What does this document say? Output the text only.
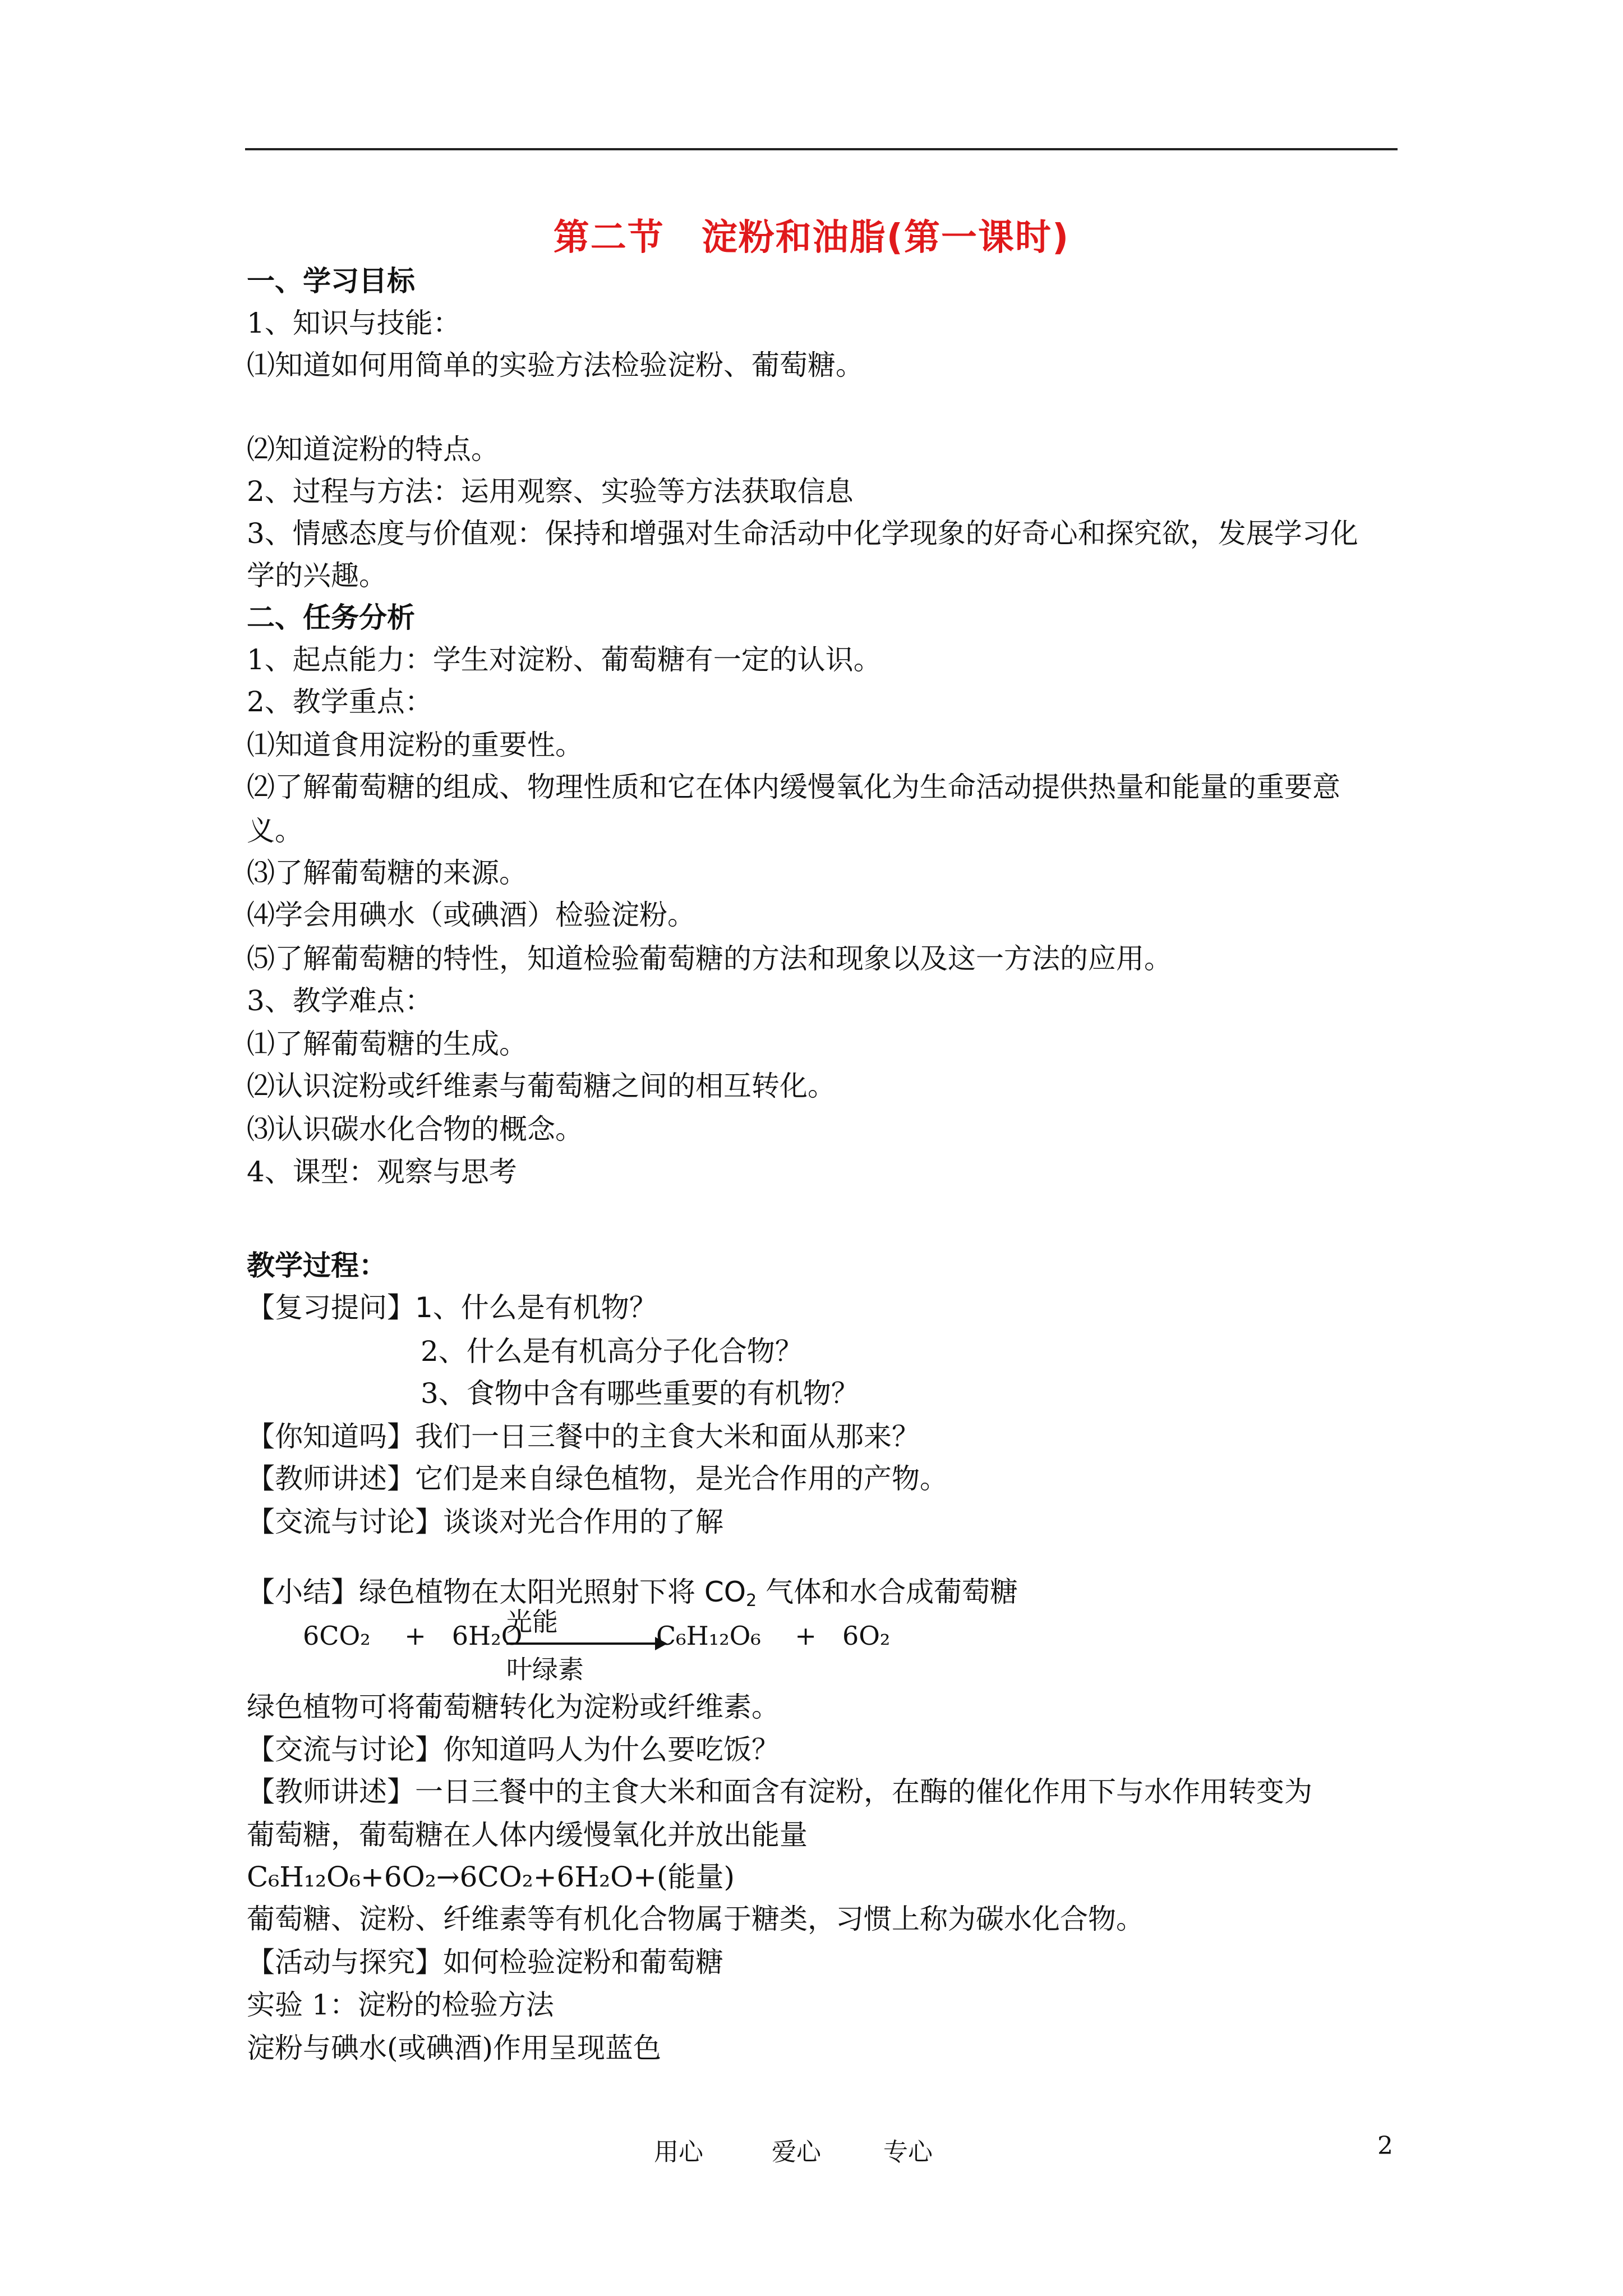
第二节　淀粉和油脂(第一课时)
一、学习目标
1、知识与技能：
⑴知道如何用简单的实验方法检验淀粉、葡萄糖。
⑵知道淀粉的特点。
2、过程与方法：运用观察、实验等方法获取信息
3、情感态度与价值观：保持和增强对生命活动中化学现象的好奇心和探究欲，发展学习化
学的兴趣。
二、任务分析
1、起点能力：学生对淀粉、葡萄糖有一定的认识。
2、教学重点：
⑴知道食用淀粉的重要性。
⑵了解葡萄糖的组成、物理性质和它在体内缓慢氧化为生命活动提供热量和能量的重要意
义。
⑶了解葡萄糖的来源。
⑷学会用碘水（或碘酒）检验淀粉。
⑸了解葡萄糖的特性，知道检验葡萄糖的方法和现象以及这一方法的应用。
3、教学难点：
⑴了解葡萄糖的生成。
⑵认识淀粉或纤维素与葡萄糖之间的相互转化。
⑶认识碳水化合物的概念。
4、课型：观察与思考
教学过程：
【复习提问】1、什么是有机物？
2、什么是有机高分子化合物？
3、食物中含有哪些重要的有机物？
【你知道吗】我们一日三餐中的主食大米和面从那来？
【教师讲述】它们是来自绿色植物，是光合作用的产物。
【交流与讨论】谈谈对光合作用的了解
【小结】绿色植物在太阳光照射下将 $CO_2$ 气体和水合成葡萄糖
6CO₂　 +　6H₂O
光能
叶绿素
C₆H₁₂O₆　 +　6O₂
绿色植物可将葡萄糖转化为淀粉或纤维素。
【交流与讨论】你知道吗人为什么要吃饭？
【教师讲述】一日三餐中的主食大米和面含有淀粉，在酶的催化作用下与水作用转变为
葡萄糖，葡萄糖在人体内缓慢氧化并放出能量
C₆H₁₂O₆+6O₂→6CO₂+6H₂O+(能量)
葡萄糖、淀粉、纤维素等有机化合物属于糖类，习惯上称为碳水化合物。
【活动与探究】如何检验淀粉和葡萄糖
实验 1：淀粉的检验方法
淀粉与碘水(或碘酒)作用呈现蓝色
用心	爱心	专心	2
